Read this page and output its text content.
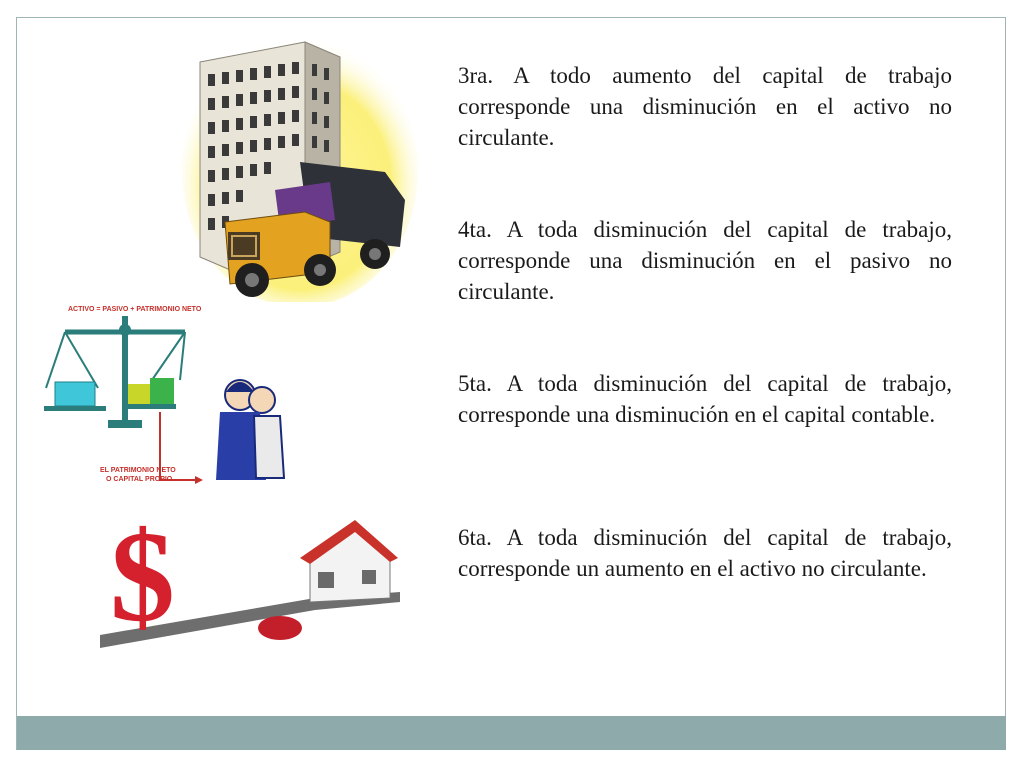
ACTIVO = PASIVO + PATRIMONIO NETO
EL PATRIMONIO NETO
O CAPITAL PROPIO
$

3ra. A todo aumento del capital de trabajo corresponde una disminución en el activo no circulante.

4ta. A toda disminución del capital de trabajo, corresponde una disminución en el pasivo no circulante.

5ta. A toda disminución del capital de trabajo, corresponde una disminución en el capital contable.

6ta. A toda disminución del capital de trabajo, corresponde un aumento en el activo no circulante.
